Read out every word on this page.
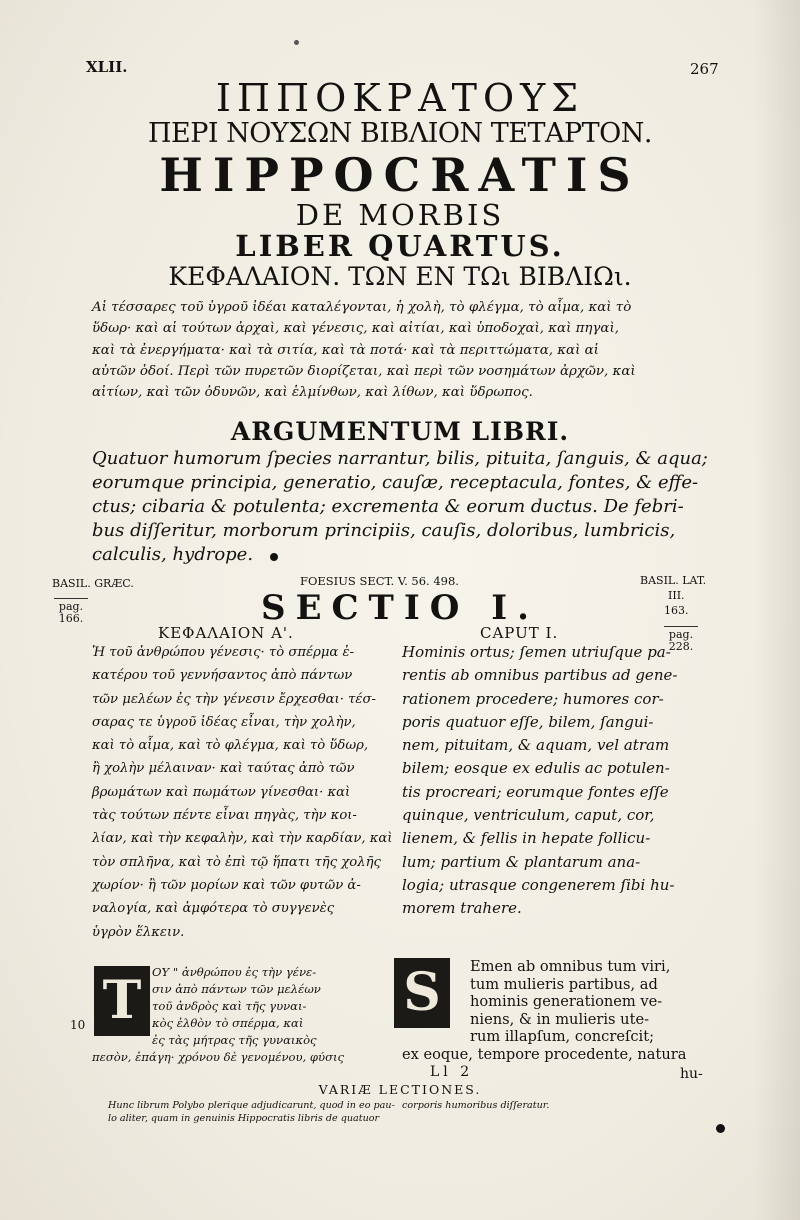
XLII.	267
ΙΠΠΟΚΡΑΤΟΥΣ
ΠΕΡΙ ΝΟΥΣΩΝ ΒΙΒΛΙΟΝ ΤΕΤΑΡΤΟΝ.
HIPPOCRATIS
DE MORBIS
LIBER QUARTUS.
ΚΕΦΑΛΑΙΟΝ. ΤΩΝ ΕΝ ΤΩι ΒΙΒΛΙΩι.
Αἱ τέσσαρες τοῦ ὑγροῦ ἰδέαι καταλέγονται, ἡ χολὴ, τὸ φλέγμα, τὸ αἷμα, καὶ τὸ
ὕδωρ· καὶ αἱ τούτων ἀρχαὶ, καὶ γένεσις, καὶ αἰτίαι, καὶ ὑποδοχαὶ, καὶ πηγαὶ,
καὶ τὰ ἐνεργήματα· καὶ τὰ σιτία, καὶ τὰ ποτά· καὶ τὰ περιττώματα, καὶ αἱ
αὐτῶν ὁδοί. Περὶ τῶν πυρετῶν διορίζεται, καὶ περὶ τῶν νοσημάτων ἀρχῶν, καὶ
αἰτίων, καὶ τῶν ὀδυνῶν, καὶ ἑλμίνθων, καὶ λίθων, καὶ ὕδρωπος.
ARGUMENTUM LIBRI.
Quatuor humorum ſpecies narrantur, bilis, pituita, ſanguis, & aqua;
eorumque principia, generatio, cauſæ, receptacula, fontes, & effe-
ctus; cibaria & potulenta; excrementa & eorum ductus. De febri-
bus diſſeritur, morborum principiis, cauſis, doloribus, lumbricis,
calculis, hydrope.
BASIL. GRÆC.
pag.
166.
FOESIUS SECT. V. 56. 498.	BASIL. LAT.
III.
163.
pag.
228.
SECTIO I.
ΚΕΦΑΛΑΙΟΝ Α'.	CAPUT I.
Ἡ τοῦ ἀνθρώπου γένεσις· τὸ σπέρμα ἐ-
κατέρου τοῦ γεννήσαντος ἀπὸ πάντων
τῶν μελέων ἐς τὴν γένεσιν ἔρχεσθαι· τέσ-
σαρας τε ὑγροῦ ἰδέας εἶναι, τὴν χολὴν,
καὶ τὸ αἷμα, καὶ τὸ φλέγμα, καὶ τὸ ὕδωρ,
ἢ χολὴν μέλαιναν· καὶ ταύτας ἀπὸ τῶν
βρωμάτων καὶ πωμάτων γίνεσθαι· καὶ
τὰς τούτων πέντε εἶναι πηγὰς, τὴν κοι-
λίαν, καὶ τὴν κεφαλὴν, καὶ τὴν καρδίαν, καὶ
τὸν σπλῆνα, καὶ τὸ ἐπὶ τῷ ἥπατι τῆς χολῆς
χωρίον· ἢ τῶν μορίων καὶ τῶν φυτῶν ἀ-
ναλογία, καὶ ἀμφότερα τὸ συγγενὲς
ὑγρὸν ἕλκειν.
Hominis ortus; ſemen utriuſque pa-
rentis ab omnibus partibus ad gene-
rationem procedere; humores cor-
poris quatuor eſſe, bilem, ſangui-
nem, pituitam, & aquam, vel atram
bilem; eosque ex edulis ac potulen-
tis procreari; eorumque fontes eſſe
quinque, ventriculum, caput, cor,
lienem, & fellis in hepate follicu-
lum; partium & plantarum ana-
logia; utrasque congenerem ſibi hu-
morem trahere.
10 T ΟΥ " ἀνθρώπου ἐς τὴν γένε-
σιν ἀπὸ πάντων τῶν μελέων
τοῦ ἀνδρὸς καὶ τῆς γυναι-
κὸς ἐλθὸν τὸ σπέρμα, καὶ
ἐς τὰς μήτρας τῆς γυναικὸς
πεσὸν, ἐπάγη· χρόνου δὲ γενομένου, φύσις
S	Emen ab omnibus tum viri,
tum mulieris partibus, ad
hominis generationem ve-
niens, & in mulieris ute-
rum illapſum, concreſcit;
ex eoque, tempore procedente, natura
Ll 2	hu-
VARIÆ LECTIONES.
Hunc librum Polybo plerique adjudicarunt, quod in eo pau-
lo aliter, quam in genuinis Hippocratis libris de quatuor
corporis humoribus diſſeratur.
